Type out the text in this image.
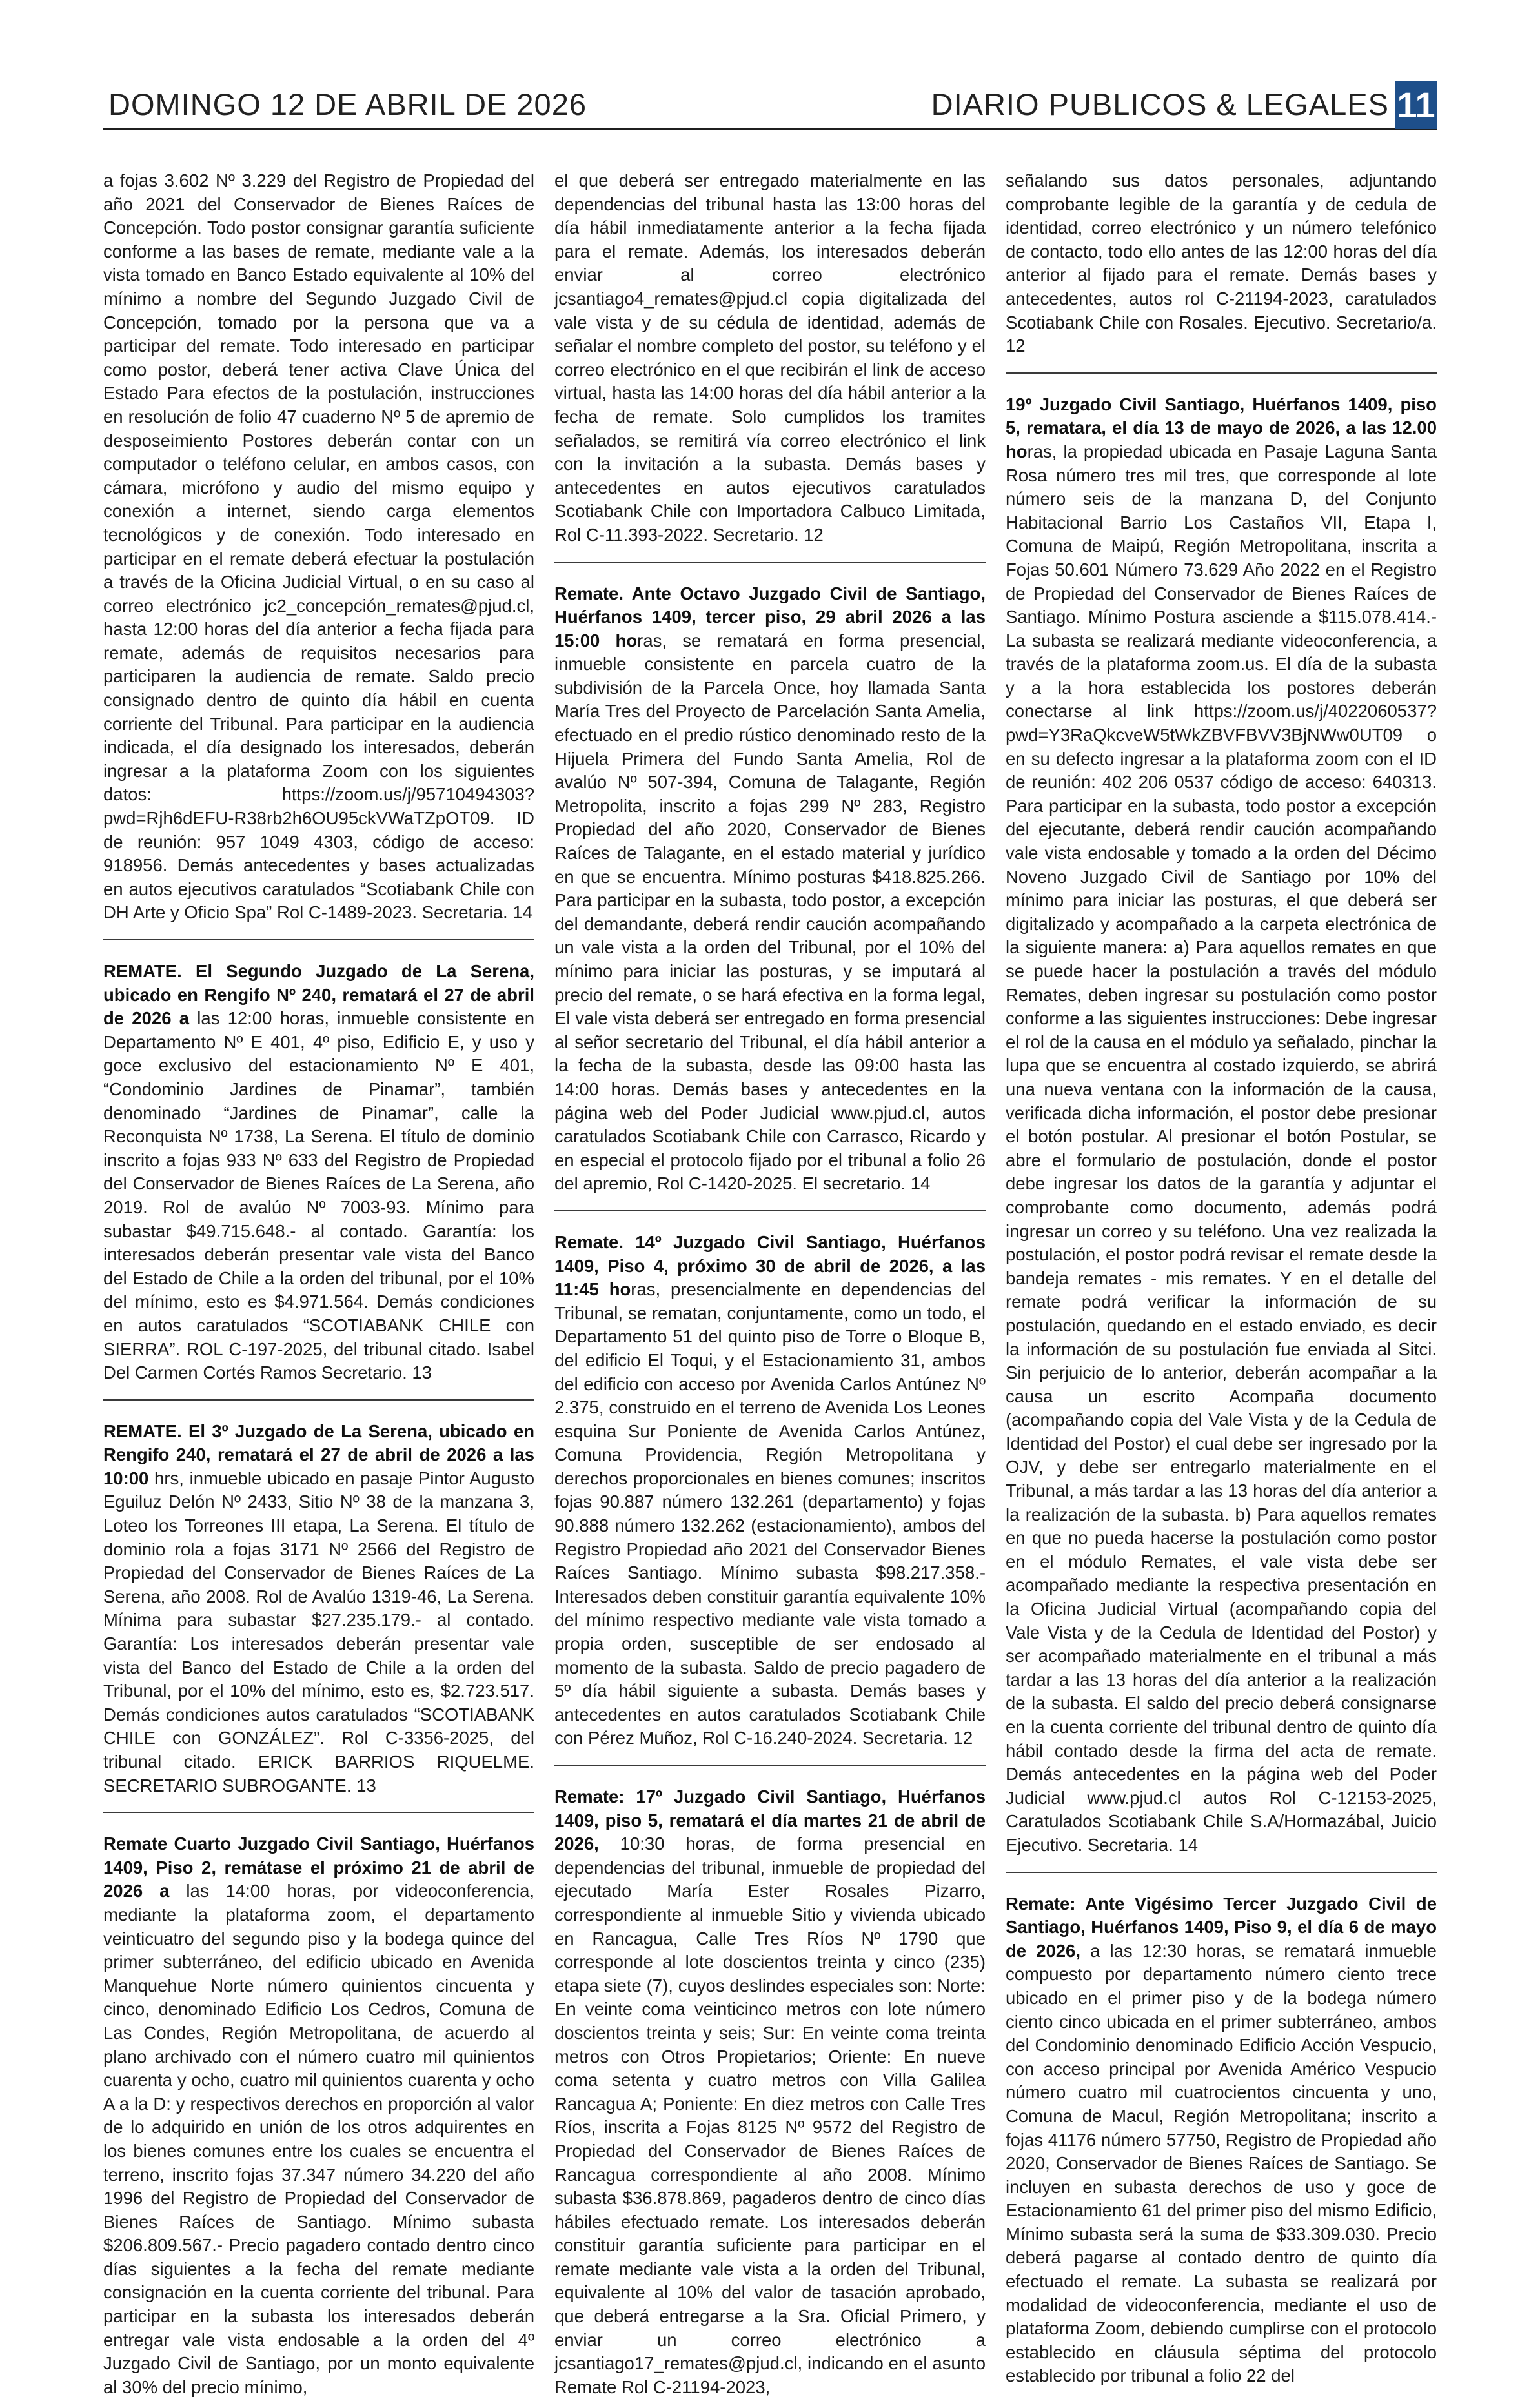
DOMINGO 12 DE ABRIL DE 2026	DIARIO PUBLICOS & LEGALES 11

a fojas 3.602 Nº 3.229 del Registro de Propiedad del año 2021 del Conservador de Bienes Raíces de Concepción. Todo postor consignar garantía suficiente conforme a las bases de remate, mediante vale a la vista tomado en Banco Estado equivalente al 10% del mínimo a nombre del Segundo Juzgado Civil de Concepción, tomado por la persona que va a participar del remate. Todo interesado en participar como postor, deberá tener activa Clave Única del Estado Para efectos de la postulación, instrucciones en resolución de folio 47 cuaderno Nº 5 de apremio de desposeimiento Postores deberán contar con un computador o teléfono celular, en ambos casos, con cámara, micrófono y audio del mismo equipo y conexión a internet, siendo carga elementos tecnológicos y de conexión. Todo interesado en participar en el remate deberá efectuar la postulación a través de la Oficina Judicial Virtual, o en su caso al correo electrónico jc2_concepción_remates@pjud.cl, hasta 12:00 horas del día anterior a fecha fijada para remate, además de requisitos necesarios para participaren la audiencia de remate. Saldo precio consignado dentro de quinto día hábil en cuenta corriente del Tribunal. Para participar en la audiencia indicada, el día designado los interesados, deberán ingresar a la plataforma Zoom con los siguientes datos: https://zoom.us/j/95710494303?pwd=Rjh6dEFU-R38rb2h6OU95ckVWaTZpOT09. ID de reunión: 957 1049 4303, código de acceso: 918956. Demás antecedentes y bases actualizadas en autos ejecutivos caratulados “Scotiabank Chile con DH Arte y Oficio Spa” Rol C-1489-2023. Secretaria. 14

REMATE. El Segundo Juzgado de La Serena, ubicado en Rengifo Nº 240, rematará el 27 de abril de 2026 a las 12:00 horas, inmueble consistente en Departamento Nº E 401, 4º piso, Edificio E, y uso y goce exclusivo del estacionamiento Nº E 401, “Condominio Jardines de Pinamar”, también denominado “Jardines de Pinamar”, calle la Reconquista Nº 1738, La Serena. El título de dominio inscrito a fojas 933 Nº 633 del Registro de Propiedad del Conservador de Bienes Raíces de La Serena, año 2019. Rol de avalúo Nº 7003-93. Mínimo para subastar $49.715.648.- al contado. Garantía: los interesados deberán presentar vale vista del Banco del Estado de Chile a la orden del tribunal, por el 10% del mínimo, esto es $4.971.564. Demás condiciones en autos caratulados “SCOTIABANK CHILE con SIERRA”. ROL C-197-2025, del tribunal citado. Isabel Del Carmen Cortés Ramos Secretario. 13

REMATE. El 3º Juzgado de La Serena, ubicado en Rengifo 240, rematará el 27 de abril de 2026 a las 10:00 hrs, inmueble ubicado en pasaje Pintor Augusto Eguiluz Delón Nº 2433, Sitio Nº 38 de la manzana 3, Loteo los Torreones III etapa, La Serena. El título de dominio rola a fojas 3171 Nº 2566 del Registro de Propiedad del Conservador de Bienes Raíces de La Serena, año 2008. Rol de Avalúo 1319-46, La Serena. Mínima para subastar $27.235.179.- al contado. Garantía: Los interesados deberán presentar vale vista del Banco del Estado de Chile a la orden del Tribunal, por el 10% del mínimo, esto es, $2.723.517. Demás condiciones autos caratulados “SCOTIABANK CHILE con GONZÁLEZ”. Rol C-3356-2025, del tribunal citado. ERICK BARRIOS RIQUELME. SECRETARIO SUBROGANTE. 13

Remate Cuarto Juzgado Civil Santiago, Huérfanos 1409, Piso 2, remátase el próximo 21 de abril de 2026 a las 14:00 horas, por videoconferencia, mediante la plataforma zoom, el departamento veinticuatro del segundo piso y la bodega quince del primer subterráneo, del edificio ubicado en Avenida Manquehue Norte número quinientos cincuenta y cinco, denominado Edificio Los Cedros, Comuna de Las Condes, Región Metropolitana, de acuerdo al plano archivado con el número cuatro mil quinientos cuarenta y ocho, cuatro mil quinientos cuarenta y ocho A a la D: y respectivos derechos en proporción al valor de lo adquirido en unión de los otros adquirentes en los bienes comunes entre los cuales se encuentra el terreno, inscrito fojas 37.347 número 34.220 del año 1996 del Registro de Propiedad del Conservador de Bienes Raíces de Santiago. Mínimo subasta $206.809.567.- Precio pagadero contado dentro cinco días siguientes a la fecha del remate mediante consignación en la cuenta corriente del tribunal. Para participar en la subasta los interesados deberán entregar vale vista endosable a la orden del 4º Juzgado Civil de Santiago, por un monto equivalente al 30% del precio mínimo,

el que deberá ser entregado materialmente en las dependencias del tribunal hasta las 13:00 horas del día hábil inmediatamente anterior a la fecha fijada para el remate. Además, los interesados deberán enviar al correo electrónico jcsantiago4_remates@pjud.cl copia digitalizada del vale vista y de su cédula de identidad, además de señalar el nombre completo del postor, su teléfono y el correo electrónico en el que recibirán el link de acceso virtual, hasta las 14:00 horas del día hábil anterior a la fecha de remate. Solo cumplidos los tramites señalados, se remitirá vía correo electrónico el link con la invitación a la subasta. Demás bases y antecedentes en autos ejecutivos caratulados Scotiabank Chile con Importadora Calbuco Limitada, Rol C-11.393-2022. Secretario. 12

Remate. Ante Octavo Juzgado Civil de Santiago, Huérfanos 1409, tercer piso, 29 abril 2026 a las 15:00 horas, se rematará en forma presencial, inmueble consistente en parcela cuatro de la subdivisión de la Parcela Once, hoy llamada Santa María Tres del Proyecto de Parcelación Santa Amelia, efectuado en el predio rústico denominado resto de la Hijuela Primera del Fundo Santa Amelia, Rol de avalúo Nº 507-394, Comuna de Talagante, Región Metropolita, inscrito a fojas 299 Nº 283, Registro Propiedad del año 2020, Conservador de Bienes Raíces de Talagante, en el estado material y jurídico en que se encuentra. Mínimo posturas $418.825.266. Para participar en la subasta, todo postor, a excepción del demandante, deberá rendir caución acompañando un vale vista a la orden del Tribunal, por el 10% del mínimo para iniciar las posturas, y se imputará al precio del remate, o se hará efectiva en la forma legal, El vale vista deberá ser entregado en forma presencial al señor secretario del Tribunal, el día hábil anterior a la fecha de la subasta, desde las 09:00 hasta las 14:00 horas. Demás bases y antecedentes en la página web del Poder Judicial www.pjud.cl, autos caratulados Scotiabank Chile con Carrasco, Ricardo y en especial el protocolo fijado por el tribunal a folio 26 del apremio, Rol C-1420-2025. El secretario. 14

Remate. 14º Juzgado Civil Santiago, Huérfanos 1409, Piso 4, próximo 30 de abril de 2026, a las 11:45 horas, presencialmente en dependencias del Tribunal, se rematan, conjuntamente, como un todo, el Departamento 51 del quinto piso de Torre o Bloque B, del edificio El Toqui, y el Estacionamiento 31, ambos del edificio con acceso por Avenida Carlos Antúnez Nº 2.375, construido en el terreno de Avenida Los Leones esquina Sur Poniente de Avenida Carlos Antúnez, Comuna Providencia, Región Metropolitana y derechos proporcionales en bienes comunes; inscritos fojas 90.887 número 132.261 (departamento) y fojas 90.888 número 132.262 (estacionamiento), ambos del Registro Propiedad año 2021 del Conservador Bienes Raíces Santiago. Mínimo subasta $98.217.358.- Interesados deben constituir garantía equivalente 10% del mínimo respectivo mediante vale vista tomado a propia orden, susceptible de ser endosado al momento de la subasta. Saldo de precio pagadero de 5º día hábil siguiente a subasta. Demás bases y antecedentes en autos caratulados Scotiabank Chile con Pérez Muñoz, Rol C-16.240-2024. Secretaria. 12

Remate: 17º Juzgado Civil Santiago, Huérfanos 1409, piso 5, rematará el día martes 21 de abril de 2026, 10:30 horas, de forma presencial en dependencias del tribunal, inmueble de propiedad del ejecutado María Ester Rosales Pizarro, correspondiente al inmueble Sitio y vivienda ubicado en Rancagua, Calle Tres Ríos Nº 1790 que corresponde al lote doscientos treinta y cinco (235) etapa siete (7), cuyos deslindes especiales son: Norte: En veinte coma veinticinco metros con lote número doscientos treinta y seis; Sur: En veinte coma treinta metros con Otros Propietarios; Oriente: En nueve coma setenta y cuatro metros con Villa Galilea Rancagua A; Poniente: En diez metros con Calle Tres Ríos, inscrita a Fojas 8125 Nº 9572 del Registro de Propiedad del Conservador de Bienes Raíces de Rancagua correspondiente al año 2008. Mínimo subasta $36.878.869, pagaderos dentro de cinco días hábiles efectuado remate. Los interesados deberán constituir garantía suficiente para participar en el remate mediante vale vista a la orden del Tribunal, equivalente al 10% del valor de tasación aprobado, que deberá entregarse a la Sra. Oficial Primero, y enviar un correo electrónico a jcsantiago17_remates@pjud.cl, indicando en el asunto Remate Rol C-21194-2023,

señalando sus datos personales, adjuntando comprobante legible de la garantía y de cedula de identidad, correo electrónico y un número telefónico de contacto, todo ello antes de las 12:00 horas del día anterior al fijado para el remate. Demás bases y antecedentes, autos rol C-21194-2023, caratulados Scotiabank Chile con Rosales. Ejecutivo. Secretario/a. 12

19º Juzgado Civil Santiago, Huérfanos 1409, piso 5, rematara, el día 13 de mayo de 2026, a las 12.00 horas, la propiedad ubicada en Pasaje Laguna Santa Rosa número tres mil tres, que corresponde al lote número seis de la manzana D, del Conjunto Habitacional Barrio Los Castaños VII, Etapa I, Comuna de Maipú, Región Metropolitana, inscrita a Fojas 50.601 Número 73.629 Año 2022 en el Registro de Propiedad del Conservador de Bienes Raíces de Santiago. Mínimo Postura asciende a $115.078.414.- La subasta se realizará mediante videoconferencia, a través de la plataforma zoom.us. El día de la subasta y a la hora establecida los postores deberán conectarse al link https://zoom.us/j/4022060537?pwd=Y3RaQkcveW5tWkZBVFBVV3BjNWw0UT09 o en su defecto ingresar a la plataforma zoom con el ID de reunión: 402 206 0537 código de acceso: 640313. Para participar en la subasta, todo postor a excepción del ejecutante, deberá rendir caución acompañando vale vista endosable y tomado a la orden del Décimo Noveno Juzgado Civil de Santiago por 10% del mínimo para iniciar las posturas, el que deberá ser digitalizado y acompañado a la carpeta electrónica de la siguiente manera: a) Para aquellos remates en que se puede hacer la postulación a través del módulo Remates, deben ingresar su postulación como postor conforme a las siguientes instrucciones: Debe ingresar el rol de la causa en el módulo ya señalado, pinchar la lupa que se encuentra al costado izquierdo, se abrirá una nueva ventana con la información de la causa, verificada dicha información, el postor debe presionar el botón postular. Al presionar el botón Postular, se abre el formulario de postulación, donde el postor debe ingresar los datos de la garantía y adjuntar el comprobante como documento, además podrá ingresar un correo y su teléfono. Una vez realizada la postulación, el postor podrá revisar el remate desde la bandeja remates - mis remates. Y en el detalle del remate podrá verificar la información de su postulación, quedando en el estado enviado, es decir la información de su postulación fue enviada al Sitci. Sin perjuicio de lo anterior, deberán acompañar a la causa un escrito Acompaña documento (acompañando copia del Vale Vista y de la Cedula de Identidad del Postor) el cual debe ser ingresado por la OJV, y debe ser entregarlo materialmente en el Tribunal, a más tardar a las 13 horas del día anterior a la realización de la subasta. b) Para aquellos remates en que no pueda hacerse la postulación como postor en el módulo Remates, el vale vista debe ser acompañado mediante la respectiva presentación en la Oficina Judicial Virtual (acompañando copia del Vale Vista y de la Cedula de Identidad del Postor) y ser acompañado materialmente en el tribunal a más tardar a las 13 horas del día anterior a la realización de la subasta. El saldo del precio deberá consignarse en la cuenta corriente del tribunal dentro de quinto día hábil contado desde la firma del acta de remate. Demás antecedentes en la página web del Poder Judicial www.pjud.cl autos Rol C-12153-2025, Caratulados Scotiabank Chile S.A/Hormazábal, Juicio Ejecutivo. Secretaria. 14

Remate: Ante Vigésimo Tercer Juzgado Civil de Santiago, Huérfanos 1409, Piso 9, el día 6 de mayo de 2026, a las 12:30 horas, se rematará inmueble compuesto por departamento número ciento trece ubicado en el primer piso y de la bodega número ciento cinco ubicada en el primer subterráneo, ambos del Condominio denominado Edificio Acción Vespucio, con acceso principal por Avenida Américo Vespucio número cuatro mil cuatrocientos cincuenta y uno, Comuna de Macul, Región Metropolitana; inscrito a fojas 41176 número 57750, Registro de Propiedad año 2020, Conservador de Bienes Raíces de Santiago. Se incluyen en subasta derechos de uso y goce de Estacionamiento 61 del primer piso del mismo Edificio, Mínimo subasta será la suma de $33.309.030. Precio deberá pagarse al contado dentro de quinto día efectuado el remate. La subasta se realizará por modalidad de videoconferencia, mediante el uso de plataforma Zoom, debiendo cumplirse con el protocolo establecido en cláusula séptima del protocolo establecido por tribunal a folio 22 del
